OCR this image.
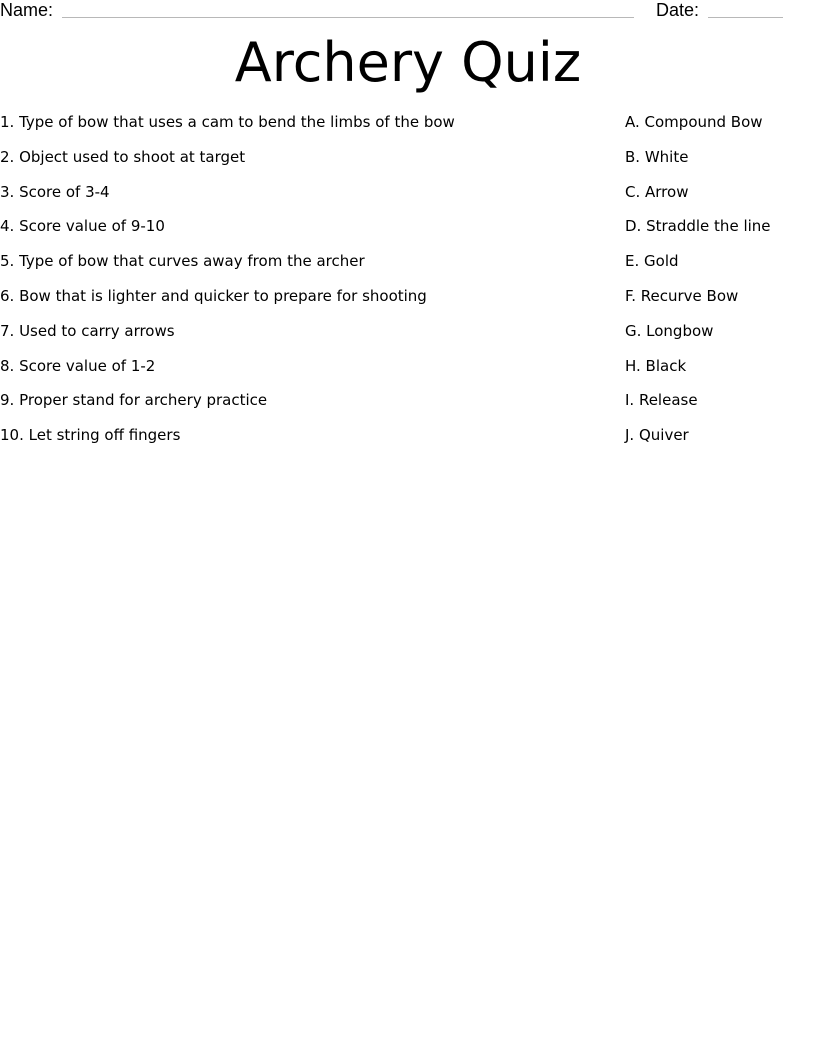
Name:	Date:
Archery Quiz
1. Type of bow that uses a cam to bend the limbs of the bow
2. Object used to shoot at target
3. Score of 3-4
4. Score value of 9-10
5. Type of bow that curves away from the archer
6. Bow that is lighter and quicker to prepare for shooting
7. Used to carry arrows
8. Score value of 1-2
9. Proper stand for archery practice
10. Let string off fingers
A. Compound Bow
B. White
C. Arrow
D. Straddle the line
E. Gold
F. Recurve Bow
G. Longbow
H. Black
I. Release
J. Quiver
